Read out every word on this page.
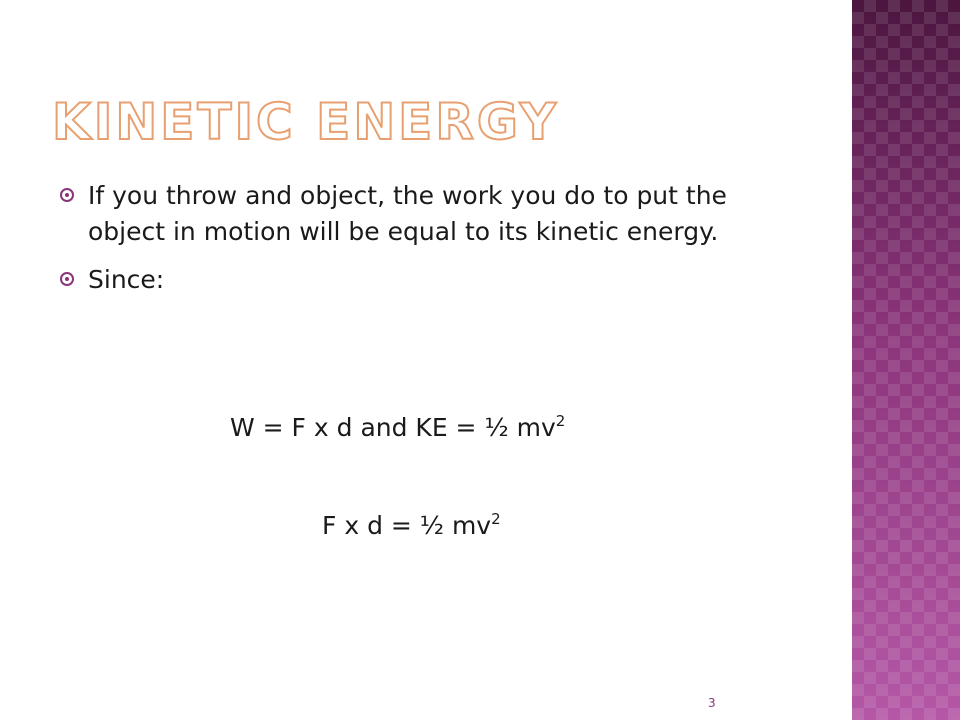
KINETIC ENERGY
If you throw and object, the work you do to put the object in motion will be equal to its kinetic energy.
Since:
W = F x d and KE = ½ $mv^2$
F x d = ½ $mv^2$
3
